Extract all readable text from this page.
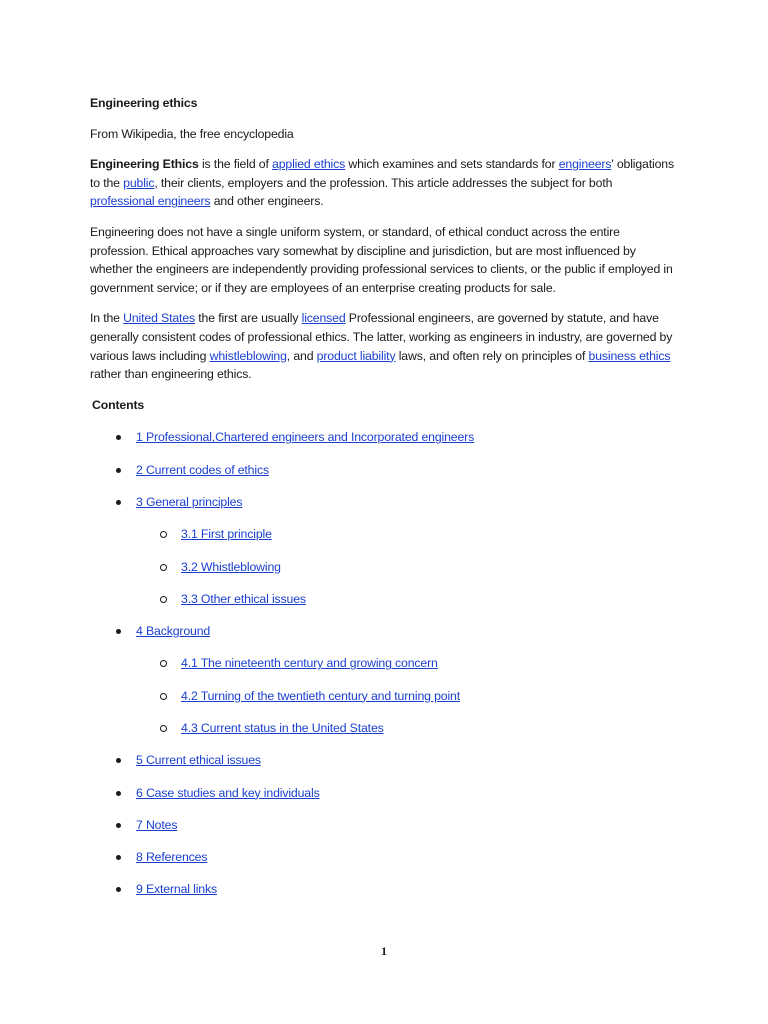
Engineering ethics
From Wikipedia, the free encyclopedia

Engineering Ethics is the field of applied ethics which examines and sets standards for engineers' obligations to the public, their clients, employers and the profession. This article addresses the subject for both professional engineers and other engineers.

Engineering does not have a single uniform system, or standard, of ethical conduct across the entire profession. Ethical approaches vary somewhat by discipline and jurisdiction, but are most influenced by whether the engineers are independently providing professional services to clients, or the public if employed in government service; or if they are employees of an enterprise creating products for sale.

In the United States the first are usually licensed Professional engineers, are governed by statute, and have generally consistent codes of professional ethics. The latter, working as engineers in industry, are governed by various laws including whistleblowing, and product liability laws, and often rely on principles of business ethics rather than engineering ethics.

Contents
1 Professional,Chartered engineers and Incorporated engineers
2 Current codes of ethics
3 General principles
3.1 First principle
3.2 Whistleblowing
3.3 Other ethical issues
4 Background
4.1 The nineteenth century and growing concern
4.2 Turning of the twentieth century and turning point
4.3 Current status in the United States
5 Current ethical issues
6 Case studies and key individuals
7 Notes
8 References
9 External links
1
